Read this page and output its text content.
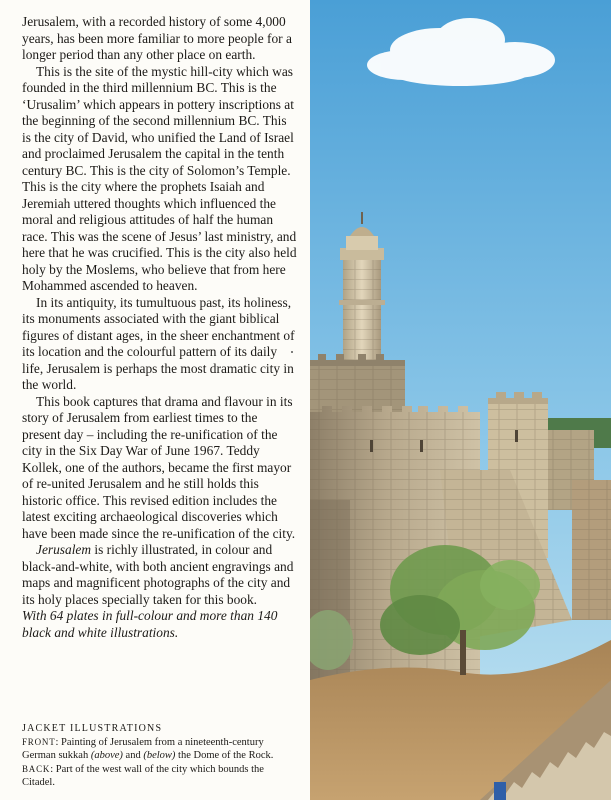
Jerusalem, with a recorded history of some 4,000 years, has been more familiar to more people for a longer period than any other place on earth.

This is the site of the mystic hill-city which was founded in the third millennium BC. This is the ‘Urusalim’ which appears in pottery inscriptions at the beginning of the second millennium BC. This is the city of David, who unified the Land of Israel and proclaimed Jerusalem the capital in the tenth century BC. This is the city of Solomon’s Temple. This is the city where the prophets Isaiah and Jeremiah uttered thoughts which influenced the moral and religious attitudes of half the human race. This was the scene of Jesus’ last ministry, and here that he was crucified. This is the city also held holy by the Moslems, who believe that from here Mohammed ascended to heaven.

In its antiquity, its tumultuous past, its holiness, its monuments associated with the giant biblical figures of distant ages, in the sheer enchantment of its location and the colourful pattern of its daily life, Jerusalem is perhaps the most dramatic city in the world.

This book captures that drama and flavour in its story of Jerusalem from earliest times to the present day – including the re-unification of the city in the Six Day War of June 1967. Teddy Kollek, one of the authors, became the first mayor of re-united Jerusalem and he still holds this historic office. This revised edition includes the latest exciting archaeological discoveries which have been made since the re-unification of the city.

Jerusalem is richly illustrated, in colour and black-and-white, with both ancient engravings and maps and magnificent photographs of the city and its holy places specially taken for this book.

With 64 plates in full-colour and more than 140 black and white illustrations.

JACKET ILLUSTRATIONS
FRONT: Painting of Jerusalem from a nineteenth-century German sukkah (above) and (below) the Dome of the Rock. BACK: Part of the west wall of the city which bounds the Citadel.
